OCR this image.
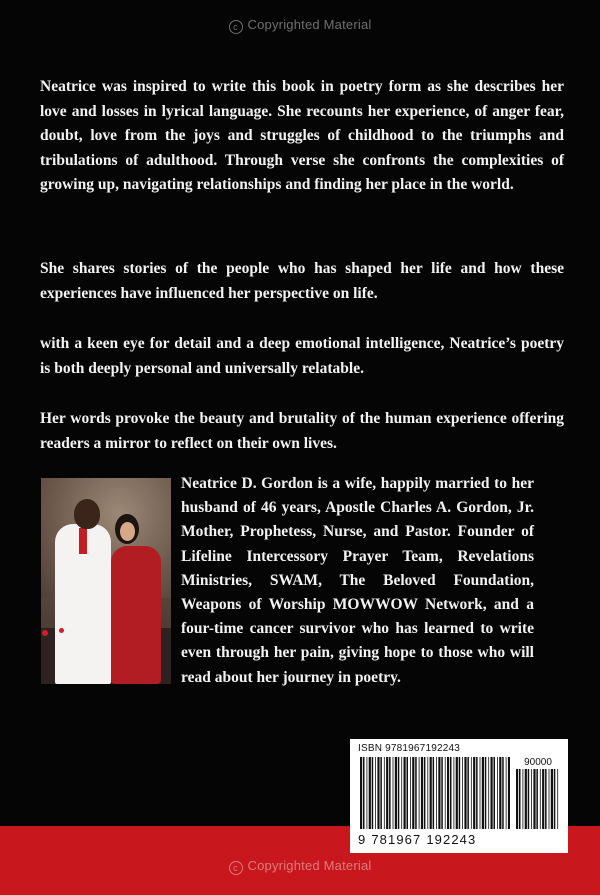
c Copyrighted Material

Neatrice was inspired to write this book in poetry form as she describes her love and losses in lyrical language. She recounts her experience, of anger fear, doubt, love from the joys and struggles of childhood to the triumphs and tribulations of adulthood. Through verse she confronts the complexities of growing up, navigating relationships and finding her place in the world.

She shares stories of the people who has shaped her life and how these experiences have influenced her perspective on life.

with a keen eye for detail and a deep emotional intelligence, Neatrice’s poetry is both deeply personal and universally relatable.

Her words provoke the beauty and brutality of the human experience offering readers a mirror to reflect on their own lives.

Neatrice D. Gordon is a wife, happily married to her husband of 46 years, Apostle Charles A. Gordon, Jr. Mother, Prophetess, Nurse, and Pastor. Founder of Lifeline Intercessory Prayer Team, Revelations Ministries, SWAM, The Beloved Foundation, Weapons of Worship MOWWOW Network, and a four-time cancer survivor who has learned to write even through her pain, giving hope to those who will read about her journey in poetry.

ISBN 9781967192243
90000
9 781967 192243
c Copyrighted Material
